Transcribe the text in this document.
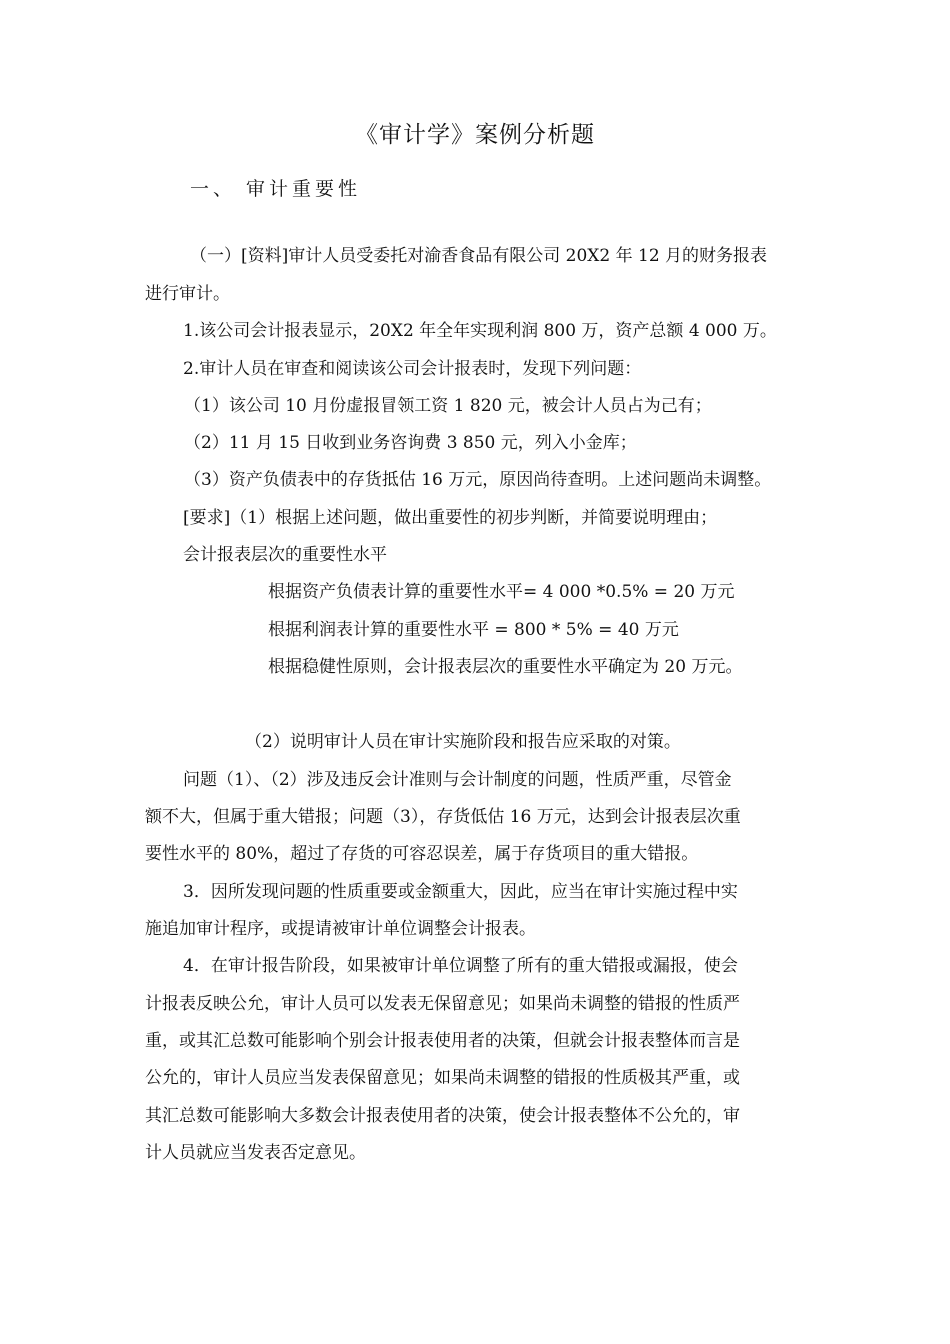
《审计学》案例分析题
一、 审计重要性
（一）[资料]审计人员受委托对渝香食品有限公司 20X2 年 12 月的财务报表
进行审计。
1.该公司会计报表显示，20X2 年全年实现利润 800 万，资产总额 4 000 万。
2.审计人员在审查和阅读该公司会计报表时，发现下列问题：
（1）该公司 10 月份虚报冒领工资 1 820 元，被会计人员占为己有；
（2）11 月 15 日收到业务咨询费 3 850 元，列入小金库；
（3）资产负债表中的存货抵估 16 万元，原因尚待查明。上述问题尚未调整。
[要求]（1）根据上述问题，做出重要性的初步判断，并简要说明理由；
会计报表层次的重要性水平
根据资产负债表计算的重要性水平= 4 000 *0.5% = 20 万元
根据利润表计算的重要性水平 = 800 * 5% = 40 万元
根据稳健性原则，会计报表层次的重要性水平确定为 20 万元。
（2）说明审计人员在审计实施阶段和报告应采取的对策。
问题（1）、（2）涉及违反会计准则与会计制度的问题，性质严重，尽管金
额不大，但属于重大错报；问题（3），存货低估 16 万元，达到会计报表层次重
要性水平的 80%，超过了存货的可容忍误差，属于存货项目的重大错报。
3．因所发现问题的性质重要或金额重大，因此，应当在审计实施过程中实
施追加审计程序，或提请被审计单位调整会计报表。
4．在审计报告阶段，如果被审计单位调整了所有的重大错报或漏报，使会
计报表反映公允，审计人员可以发表无保留意见；如果尚未调整的错报的性质严
重，或其汇总数可能影响个别会计报表使用者的决策，但就会计报表整体而言是
公允的，审计人员应当发表保留意见；如果尚未调整的错报的性质极其严重，或
其汇总数可能影响大多数会计报表使用者的决策，使会计报表整体不公允的，审
计人员就应当发表否定意见。
